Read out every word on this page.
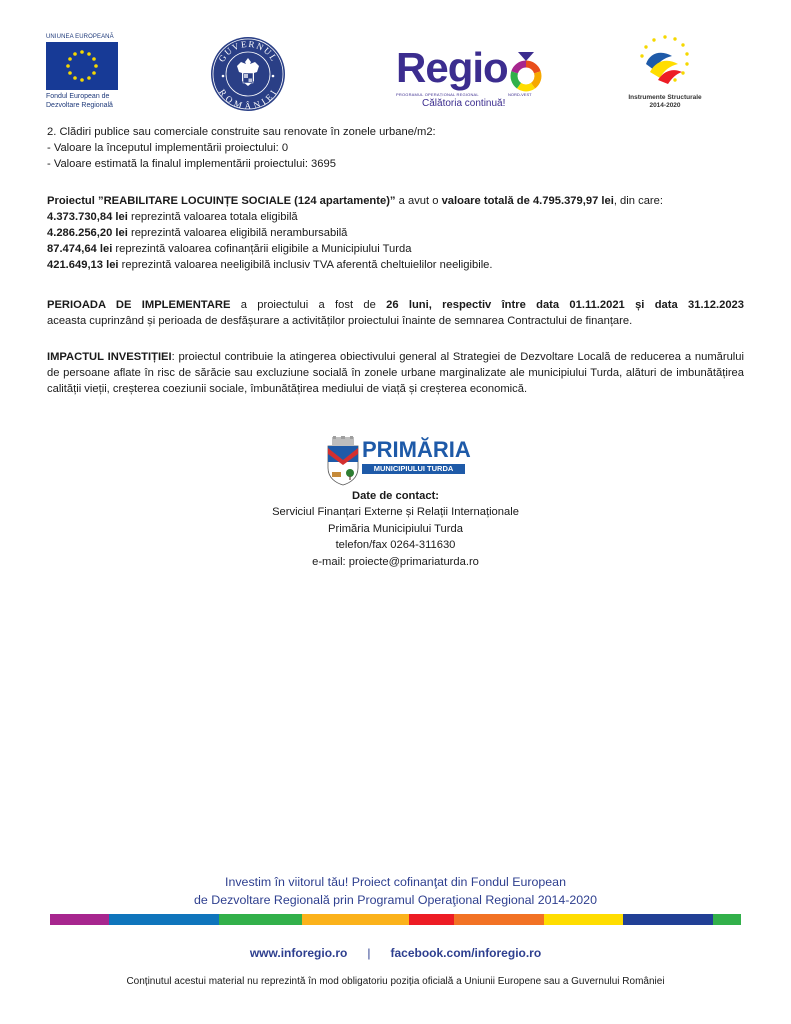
UNIUNEA EUROPEANĂ
Fondul European de
Dezvoltare Regională
GUVERNUL
ROMÂNIEI
Regio
PROGRAMUL OPERAȚIONAL REGIONAL	NORD-VEST
Călătoria continuă!
Instrumente Structurale
2014-2020

2. Clădiri publice sau comerciale construite sau renovate în zonele urbane/m2:

- Valoare la începutul implementării proiectului: 0

- Valoare estimată la finalul implementării proiectului: 3695

Proiectul ”REABILITARE LOCUINȚE SOCIALE (124 apartamente)” a avut o valoare totală de 4.795.379,97 lei, din care:

4.373.730,84 lei reprezintă valoarea totala eligibilă

4.286.256,20 lei reprezintă valoarea eligibilă nerambursabilă

87.474,64 lei reprezintă valoarea cofinanțării eligibile a Municipiului Turda

421.649,13 lei reprezintă valoarea neeligibilă inclusiv TVA aferentă cheltuielilor neeligibile.

PERIOADA DE IMPLEMENTARE a proiectului a fost de 26 luni, respectiv între data 01.11.2021 și data 31.12.2023

aceasta cuprinzând și perioada de desfășurare a activităților proiectului înainte de semnarea Contractului de finanțare.

IMPACTUL INVESTIȚIEI: proiectul contribuie la atingerea obiectivului general al Strategiei de Dezvoltare Locală de reducerea a numărului de persoane aflate în risc de sărăcie sau excluziune socială în zonele urbane marginalizate ale municipiului Turda, alături de imbunătățirea calității vieții, creșterea coeziunii sociale, îmbunătățirea mediului de viață și creșterea economică.

PRIMĂRIA
MUNICIPIULUI TURDA

Date de contact:

Serviciul Finanțari Externe și Relații Internaționale

Primăria Municipiului Turda

telefon/fax 0264-311630

e-mail: proiecte@primariaturda.ro

Investim în viitorul tău! Proiect cofinanţat din Fondul European

de Dezvoltare Regională prin Programul Operaţional Regional 2014-2020

www.inforegio.ro | facebook.com/inforegio.ro
Conținutul acestui material nu reprezintă în mod obligatoriu poziția oficială a Uniunii Europene sau a Guvernului României
